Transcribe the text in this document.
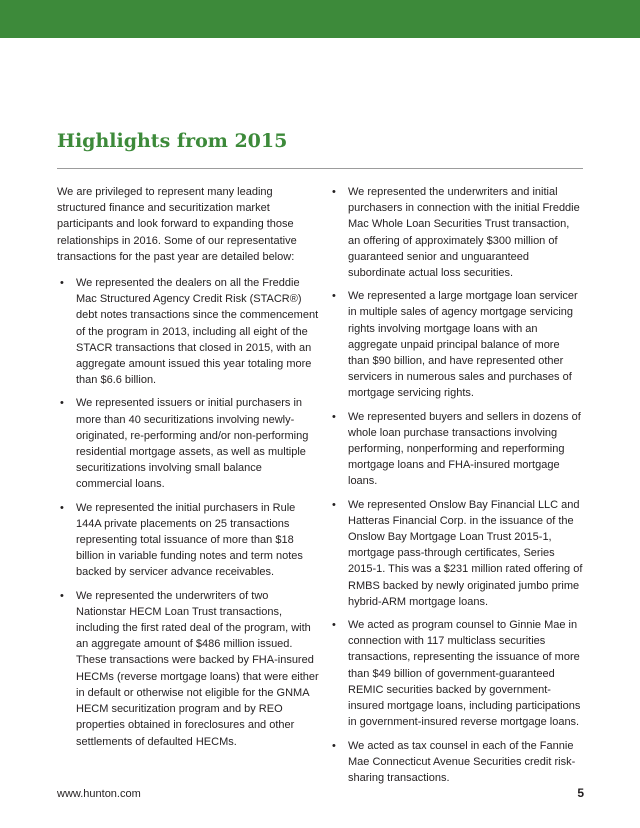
Highlights from 2015

We are privileged to represent many leading structured finance and securitization market participants and look forward to expanding those relationships in 2016. Some of our representative transactions for the past year are detailed below:

• We represented the dealers on all the Freddie Mac Structured Agency Credit Risk (STACR®) debt notes transactions since the commencement of the program in 2013, including all eight of the STACR transactions that closed in 2015, with an aggregate amount issued this year totaling more than $6.6 billion.
• We represented issuers or initial purchasers in more than 40 securitizations involving newly-originated, re-performing and/or non-performing residential mortgage assets, as well as multiple securitizations involving small balance commercial loans.
• We represented the initial purchasers in Rule 144A private placements on 25 transactions representing total issuance of more than $18 billion in variable funding notes and term notes backed by servicer advance receivables.
• We represented the underwriters of two Nationstar HECM Loan Trust transactions, including the first rated deal of the program, with an aggregate amount of $486 million issued. These transactions were backed by FHA-insured HECMs (reverse mortgage loans) that were either in default or otherwise not eligible for the GNMA HECM securitization program and by REO properties obtained in foreclosures and other settlements of defaulted HECMs.
• We represented the underwriters and initial purchasers in connection with the initial Freddie Mac Whole Loan Securities Trust transaction, an offering of approximately $300 million of guaranteed senior and unguaranteed subordinate actual loss securities.
• We represented a large mortgage loan servicer in multiple sales of agency mortgage servicing rights involving mortgage loans with an aggregate unpaid principal balance of more than $90 billion, and have represented other servicers in numerous sales and purchases of mortgage servicing rights.
• We represented buyers and sellers in dozens of whole loan purchase transactions involving performing, nonperforming and reperforming mortgage loans and FHA-insured mortgage loans.
• We represented Onslow Bay Financial LLC and Hatteras Financial Corp. in the issuance of the Onslow Bay Mortgage Loan Trust 2015-1, mortgage pass-through certificates, Series 2015-1. This was a $231 million rated offering of RMBS backed by newly originated jumbo prime hybrid-ARM mortgage loans.
• We acted as program counsel to Ginnie Mae in connection with 117 multiclass securities transactions, representing the issuance of more than $49 billion of government-guaranteed REMIC securities backed by government-insured mortgage loans, including participations in government-insured reverse mortgage loans.
• We acted as tax counsel in each of the Fannie Mae Connecticut Avenue Securities credit risk-sharing transactions.
www.hunton.com	5
